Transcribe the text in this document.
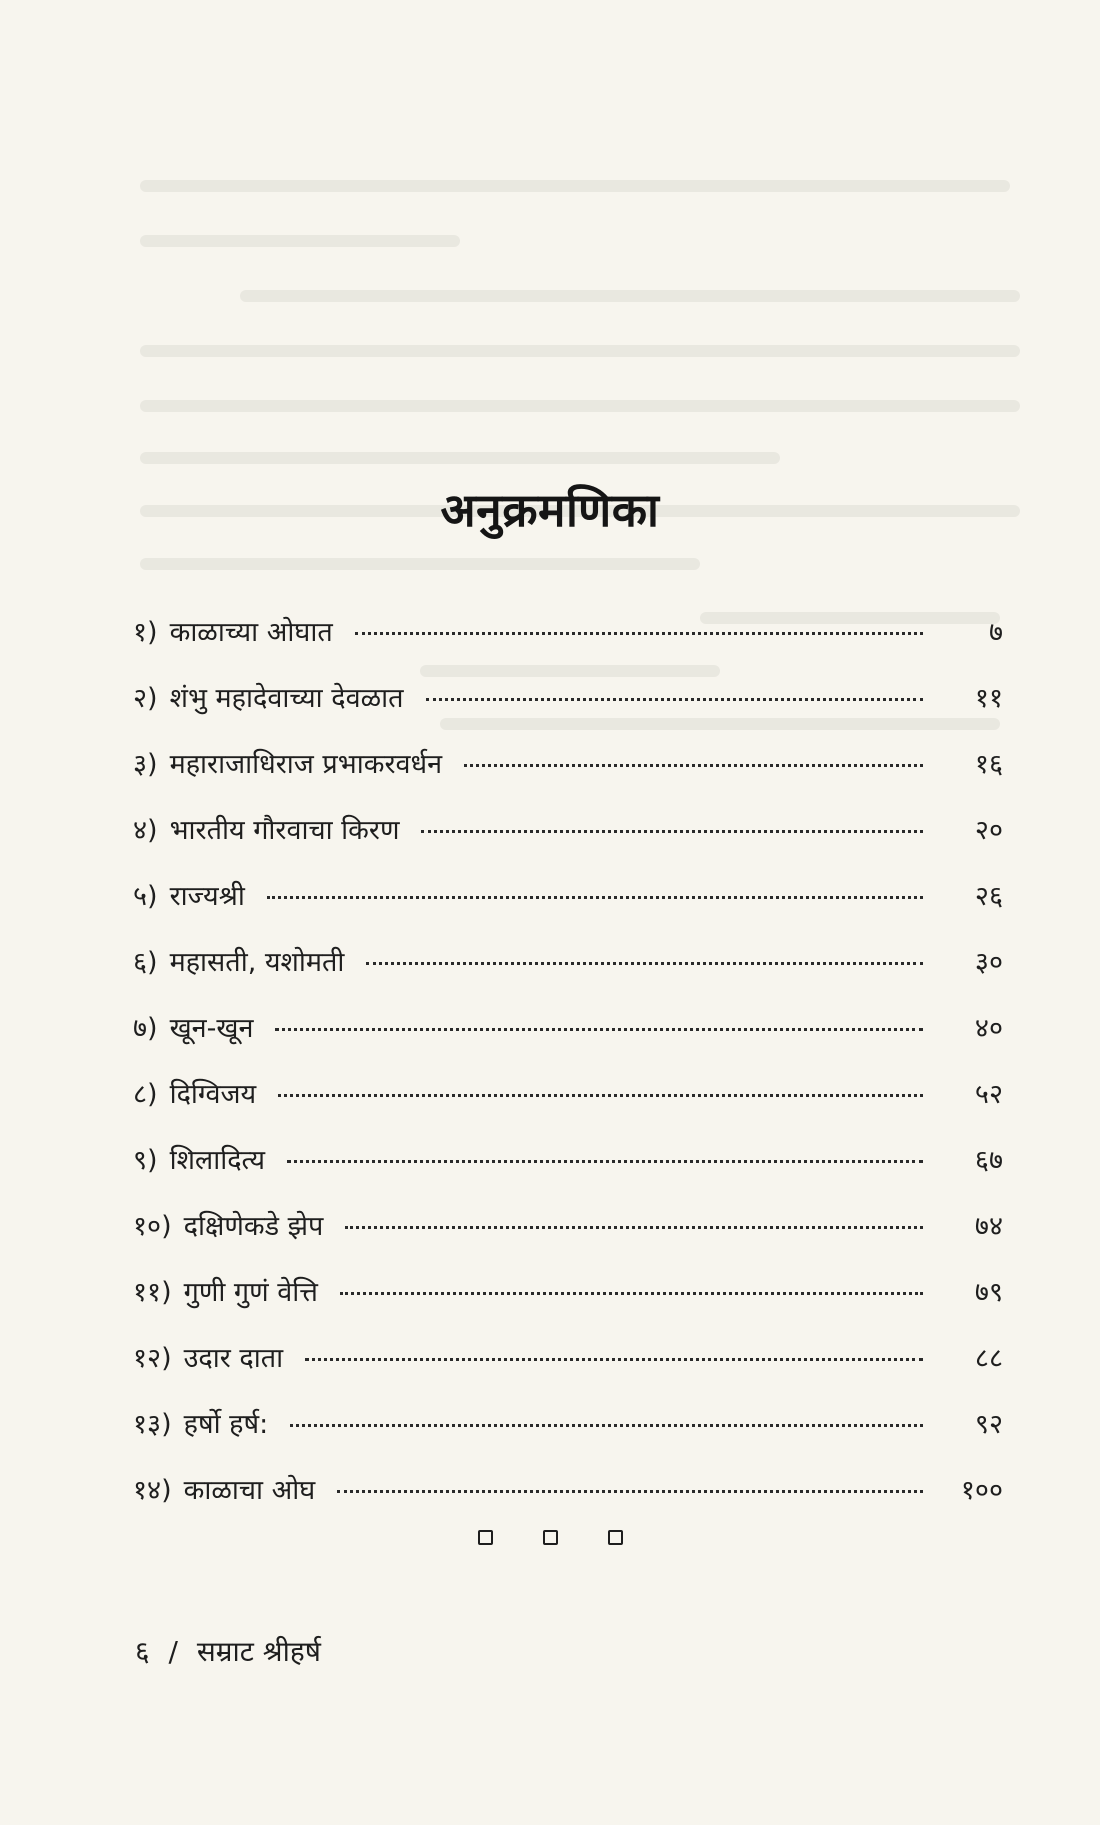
अनुक्रमणिका
१) काळाच्या ओघात	७
२) शंभु महादेवाच्या देवळात	११
३) महाराजाधिराज प्रभाकरवर्धन	१६
४) भारतीय गौरवाचा किरण	२०
५) राज्यश्री	२६
६) महासती, यशोमती	३०
७) खून-खून	४०
८) दिग्विजय	५२
९) शिलादित्य	६७
१०) दक्षिणेकडे झेप	७४
११) गुणी गुणं वेत्ति	७९
१२) उदार दाता	८८
१३) हर्षो हर्ष:	९२
१४) काळाचा ओघ	१००
६ / सम्राट श्रीहर्ष
